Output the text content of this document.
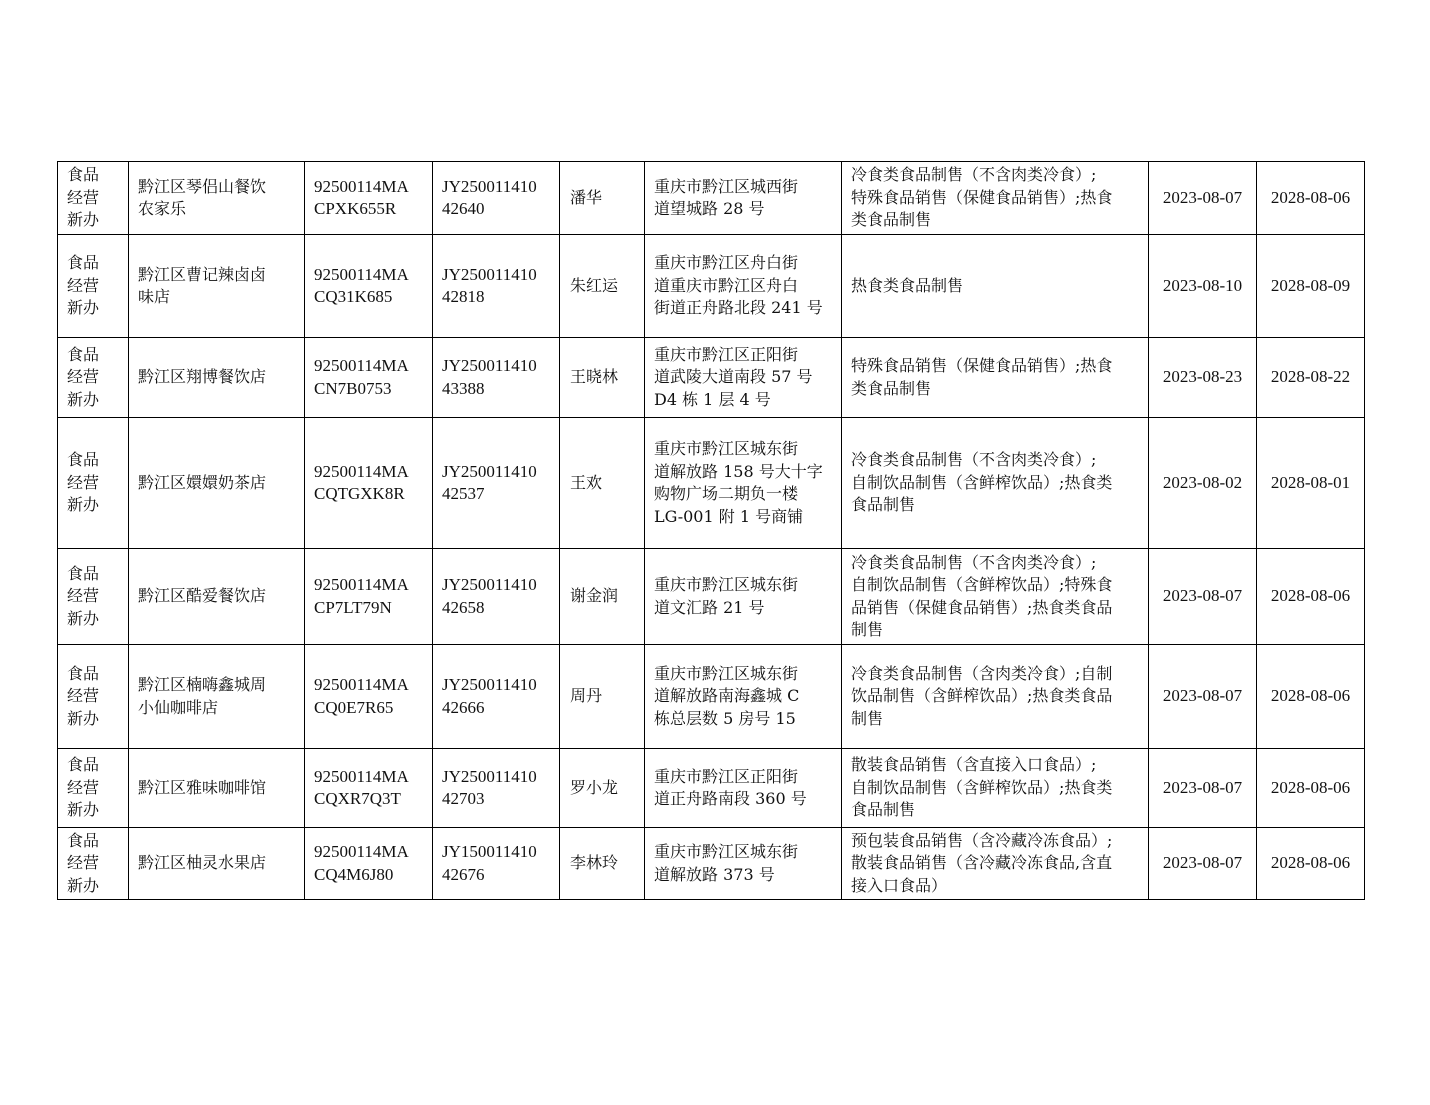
食品
经营
新办	黔江区琴侣山餐饮
农家乐	92500114MA
CPXK655R	JY250011410
42640	潘华	重庆市黔江区城西街
道望城路 28 号	冷食类食品制售（不含肉类冷食）;
特殊食品销售（保健食品销售）;热食
类食品制售	2023-08-07	2028-08-06
食品
经营
新办	黔江区曹记辣卤卤
味店	92500114MA
CQ31K685	JY250011410
42818	朱红运	重庆市黔江区舟白街
道重庆市黔江区舟白
街道正舟路北段 241 号	热食类食品制售	2023-08-10	2028-08-09
食品
经营
新办	黔江区翔博餐饮店	92500114MA
CN7B0753	JY250011410
43388	王晓林	重庆市黔江区正阳街
道武陵大道南段 57 号
D4 栋 1 层 4 号	特殊食品销售（保健食品销售）;热食
类食品制售	2023-08-23	2028-08-22
食品
经营
新办	黔江区嬛嬛奶茶店	92500114MA
CQTGXK8R	JY250011410
42537	王欢	重庆市黔江区城东街
道解放路 158 号大十字
购物广场二期负一楼
LG-001 附 1 号商铺	冷食类食品制售（不含肉类冷食）;
自制饮品制售（含鲜榨饮品）;热食类
食品制售	2023-08-02	2028-08-01
食品
经营
新办	黔江区酷爱餐饮店	92500114MA
CP7LT79N	JY250011410
42658	谢金润	重庆市黔江区城东街
道文汇路 21 号	冷食类食品制售（不含肉类冷食）;
自制饮品制售（含鲜榨饮品）;特殊食
品销售（保健食品销售）;热食类食品
制售	2023-08-07	2028-08-06
食品
经营
新办	黔江区楠嗨鑫城周
小仙咖啡店	92500114MA
CQ0E7R65	JY250011410
42666	周丹	重庆市黔江区城东街
道解放路南海鑫城 C
栋总层数 5 房号 15	冷食类食品制售（含肉类冷食）;自制
饮品制售（含鲜榨饮品）;热食类食品
制售	2023-08-07	2028-08-06
食品
经营
新办	黔江区雅味咖啡馆	92500114MA
CQXR7Q3T	JY250011410
42703	罗小龙	重庆市黔江区正阳街
道正舟路南段 360 号	散装食品销售（含直接入口食品）;
自制饮品制售（含鲜榨饮品）;热食类
食品制售	2023-08-07	2028-08-06
食品
经营
新办	黔江区柚灵水果店	92500114MA
CQ4M6J80	JY150011410
42676	李林玲	重庆市黔江区城东街
道解放路 373 号	预包装食品销售（含冷藏冷冻食品）;
散装食品销售（含冷藏冷冻食品,含直
接入口食品）	2023-08-07	2028-08-06
